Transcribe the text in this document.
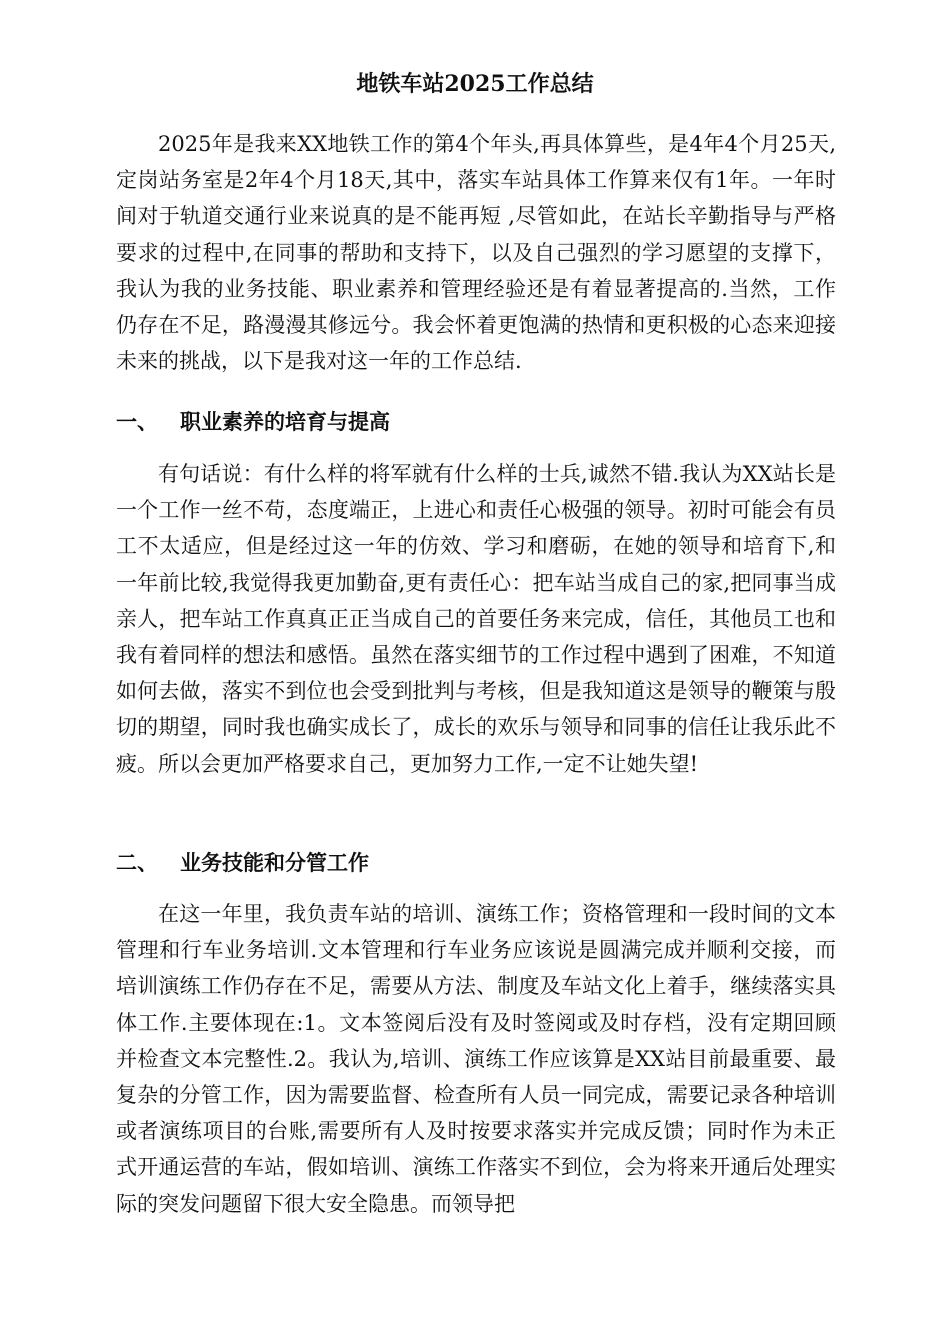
地铁车站2025工作总结

2025年是我来XX地铁工作的第4个年头,再具体算些，是4年4个月25天,定岗站务室是2年4个月18天,其中，落实车站具体工作算来仅有1年。一年时间对于轨道交通行业来说真的是不能再短 ,尽管如此，在站长辛勤指导与严格要求的过程中,在同事的帮助和支持下，以及自己强烈的学习愿望的支撑下，我认为我的业务技能、职业素养和管理经验还是有着显著提高的.当然，工作仍存在不足，路漫漫其修远兮。我会怀着更饱满的热情和更积极的心态来迎接未来的挑战，以下是我对这一年的工作总结.

一、 职业素养的培育与提高

有句话说：有什么样的将军就有什么样的士兵,诚然不错.我认为XX站长是一个工作一丝不苟，态度端正，上进心和责任心极强的领导。初时可能会有员工不太适应，但是经过这一年的仿效、学习和磨砺，在她的领导和培育下,和一年前比较,我觉得我更加勤奋,更有责任心：把车站当成自己的家,把同事当成亲人，把车站工作真真正正当成自己的首要任务来完成，信任，其他员工也和我有着同样的想法和感悟。虽然在落实细节的工作过程中遇到了困难，不知道如何去做，落实不到位也会受到批判与考核，但是我知道这是领导的鞭策与殷切的期望，同时我也确实成长了，成长的欢乐与领导和同事的信任让我乐此不疲。所以会更加严格要求自己，更加努力工作,一定不让她失望!

二、 业务技能和分管工作

在这一年里，我负责车站的培训、演练工作；资格管理和一段时间的文本管理和行车业务培训.文本管理和行车业务应该说是圆满完成并顺利交接，而培训演练工作仍存在不足，需要从方法、制度及车站文化上着手，继续落实具体工作.主要体现在:1。文本签阅后没有及时签阅或及时存档，没有定期回顾并检查文本完整性.2。我认为,培训、演练工作应该算是XX站目前最重要、最复杂的分管工作，因为需要监督、检查所有人员一同完成，需要记录各种培训或者演练项目的台账,需要所有人及时按要求落实并完成反馈；同时作为未正式开通运营的车站，假如培训、演练工作落实不到位，会为将来开通后处理实际的突发问题留下很大安全隐患。而领导把
